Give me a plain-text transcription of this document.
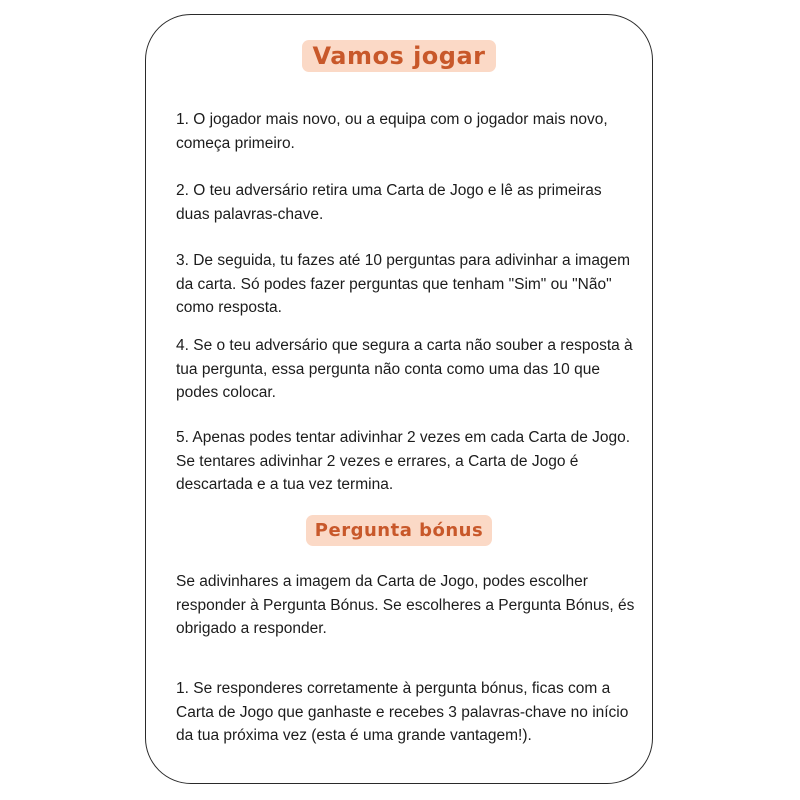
Vamos jogar

1. O jogador mais novo, ou a equipa com o jogador mais novo, começa primeiro.

2. O teu adversário retira uma Carta de Jogo e lê as primeiras duas palavras-chave.

3. De seguida, tu fazes até 10 perguntas para adivinhar a imagem da carta. Só podes fazer perguntas que tenham "Sim" ou "Não" como resposta.

4. Se o teu adversário que segura a carta não souber a resposta à tua pergunta, essa pergunta não conta como uma das 10 que podes colocar.

5. Apenas podes tentar adivinhar 2 vezes em cada Carta de Jogo. Se tentares adivinhar 2 vezes e errares, a Carta de Jogo é descartada e a tua vez termina.

Pergunta bónus

Se adivinhares a imagem da Carta de Jogo, podes escolher responder à Pergunta Bónus. Se escolheres a Pergunta Bónus, és obrigado a responder.

1. Se responderes corretamente à pergunta bónus, ficas com a Carta de Jogo que ganhaste e recebes 3 palavras-chave no início da tua próxima vez (esta é uma grande vantagem!).
